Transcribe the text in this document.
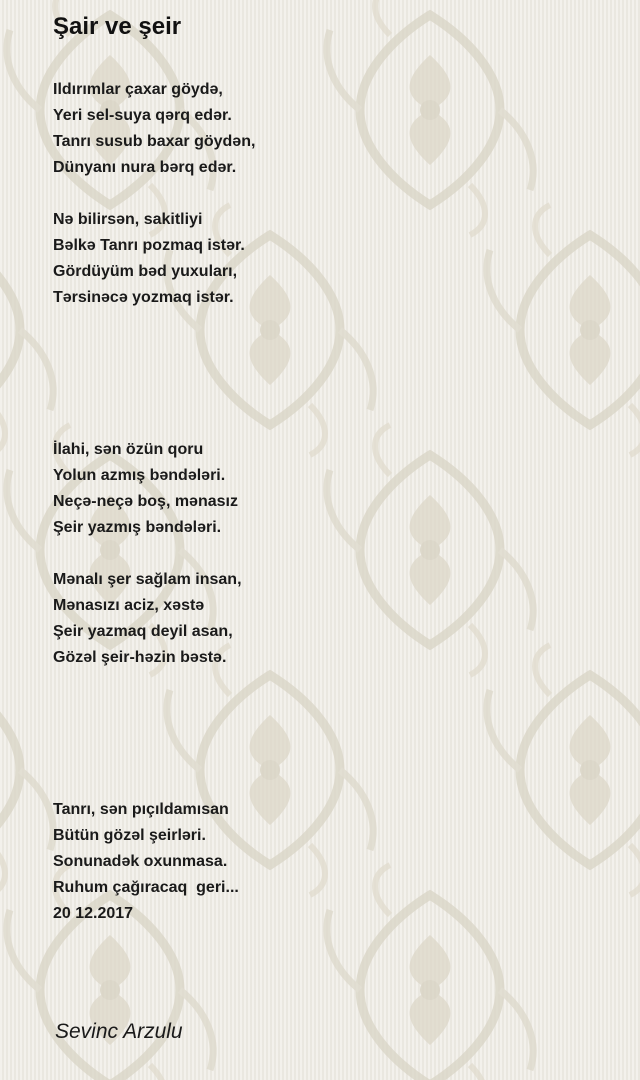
Şair ve şeir
Ildırımlar çaxar göydə,
Yeri sel-suya qərq edər.
Tanrı susub baxar göydən,
Dünyanı nura bərq edər.
Nə bilirsən, sakitliyi
Bəlkə Tanrı pozmaq istər.
Gördüyüm bəd yuxuları,
Tərsinəcə yozmaq istər.
İlahi, sən özün qoru
Yolun azmış bəndələri.
Neçə-neçə boş, mənasız
Şeir yazmış bəndələri.
Mənalı şer sağlam insan,
Mənasızı aciz, xəstə
Şeir yazmaq deyil asan,
Gözəl şeir-həzin bəstə.
Tanrı, sən pıçıldamısan
Bütün gözəl şeirləri.
Sonunadək oxunmasa.
Ruhum çağıracaq  geri...
20 12.2017
Sevinc Arzulu
